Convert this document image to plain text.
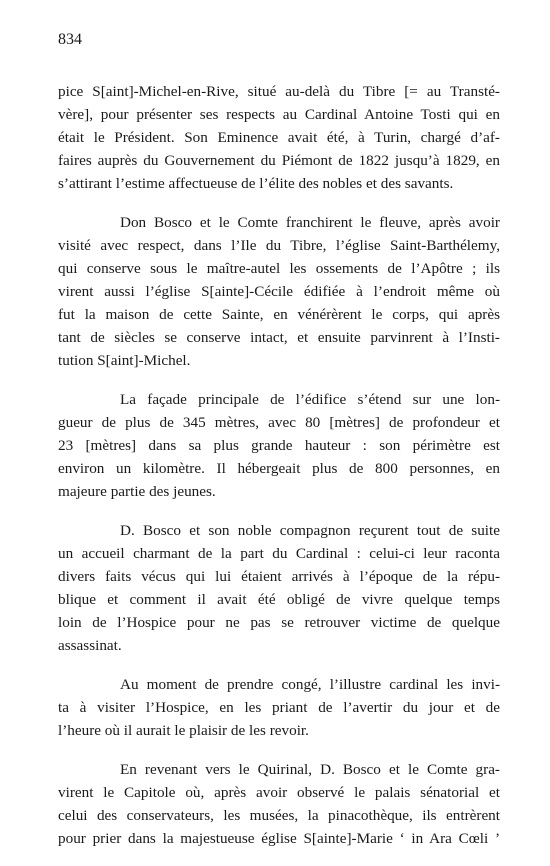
834
pice S[aint]-Michel-en-Rive, situé au-delà du Tibre [= au Transté-
vère], pour présenter ses respects au Cardinal Antoine Tosti qui en
était le Président. Son Eminence avait été, à Turin, chargé d’af-
faires auprès du Gouvernement du Piémont de 1822 jusqu’à 1829, en
s’attirant l’estime affectueuse de l’élite des nobles et des savants.
Don Bosco et le Comte franchirent le fleuve, après avoir
visité avec respect, dans l’Ile du Tibre, l’église Saint-Barthélemy,
qui conserve sous le maître-autel les ossements de l’Apôtre ; ils
virent aussi l’église S[ainte]-Cécile édifiée à l’endroit même où
fut la maison de cette Sainte, en vénérèrent le corps, qui après
tant de siècles se conserve intact, et ensuite parvinrent à l’Insti-
tution S[aint]-Michel.
La façade principale de l’édifice s’étend sur une lon-
gueur de plus de 345 mètres, avec 80 [mètres] de profondeur et
23 [mètres] dans sa plus grande hauteur : son périmètre est
environ un kilomètre. Il hébergeait plus de 800 personnes, en
majeure partie des jeunes.
D. Bosco et son noble compagnon reçurent tout de suite
un accueil charmant de la part du Cardinal : celui-ci leur raconta
divers faits vécus qui lui étaient arrivés à l’époque de la répu-
blique et comment il avait été obligé de vivre quelque temps
loin de l’Hospice pour ne pas se retrouver victime de quelque
assassinat.
Au moment de prendre congé, l’illustre cardinal les invi-
ta à visiter l’Hospice, en les priant de l’avertir du jour et de
l’heure où il aurait le plaisir de les revoir.
En revenant vers le Quirinal, D. Bosco et le Comte gra-
virent le Capitole où, après avoir observé le palais sénatorial et
celui des conservateurs, les musées, la pinacothèque, ils entrèrent
pour prier dans la majestueuse église S[ainte]-Marie ‘ in Ara Cœli ’
